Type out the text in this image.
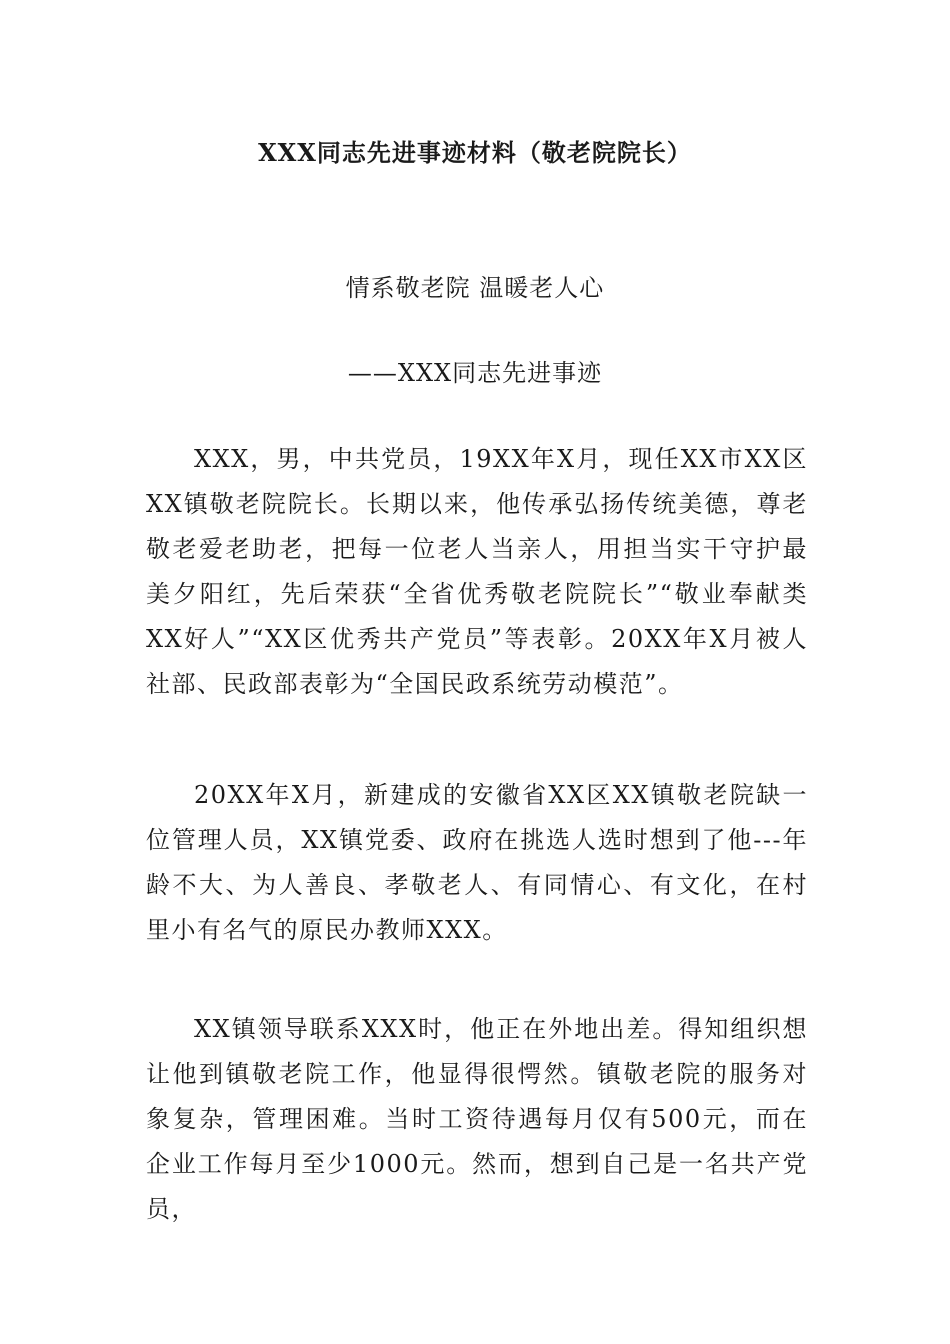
XXX同志先进事迹材料（敬老院院长）

情系敬老院 温暖老人心

——XXX同志先进事迹

XXX，男，中共党员，19XX年X月，现任XX市XX区XX镇敬老院院长。长期以来，他传承弘扬传统美德，尊老敬老爱老助老，把每一位老人当亲人，用担当实干守护最美夕阳红，先后荣获“全省优秀敬老院院长”“敬业奉献类XX好人”“XX区优秀共产党员”等表彰。20XX年X月被人社部、民政部表彰为“全国民政系统劳动模范”。

20XX年X月，新建成的安徽省XX区XX镇敬老院缺一位管理人员，XX镇党委、政府在挑选人选时想到了他---年龄不大、为人善良、孝敬老人、有同情心、有文化，在村里小有名气的原民办教师XXX。

XX镇领导联系XXX时，他正在外地出差。得知组织想让他到镇敬老院工作，他显得很愕然。镇敬老院的服务对象复杂，管理困难。当时工资待遇每月仅有500元，而在企业工作每月至少1000元。然而，想到自己是一名共产党员，
